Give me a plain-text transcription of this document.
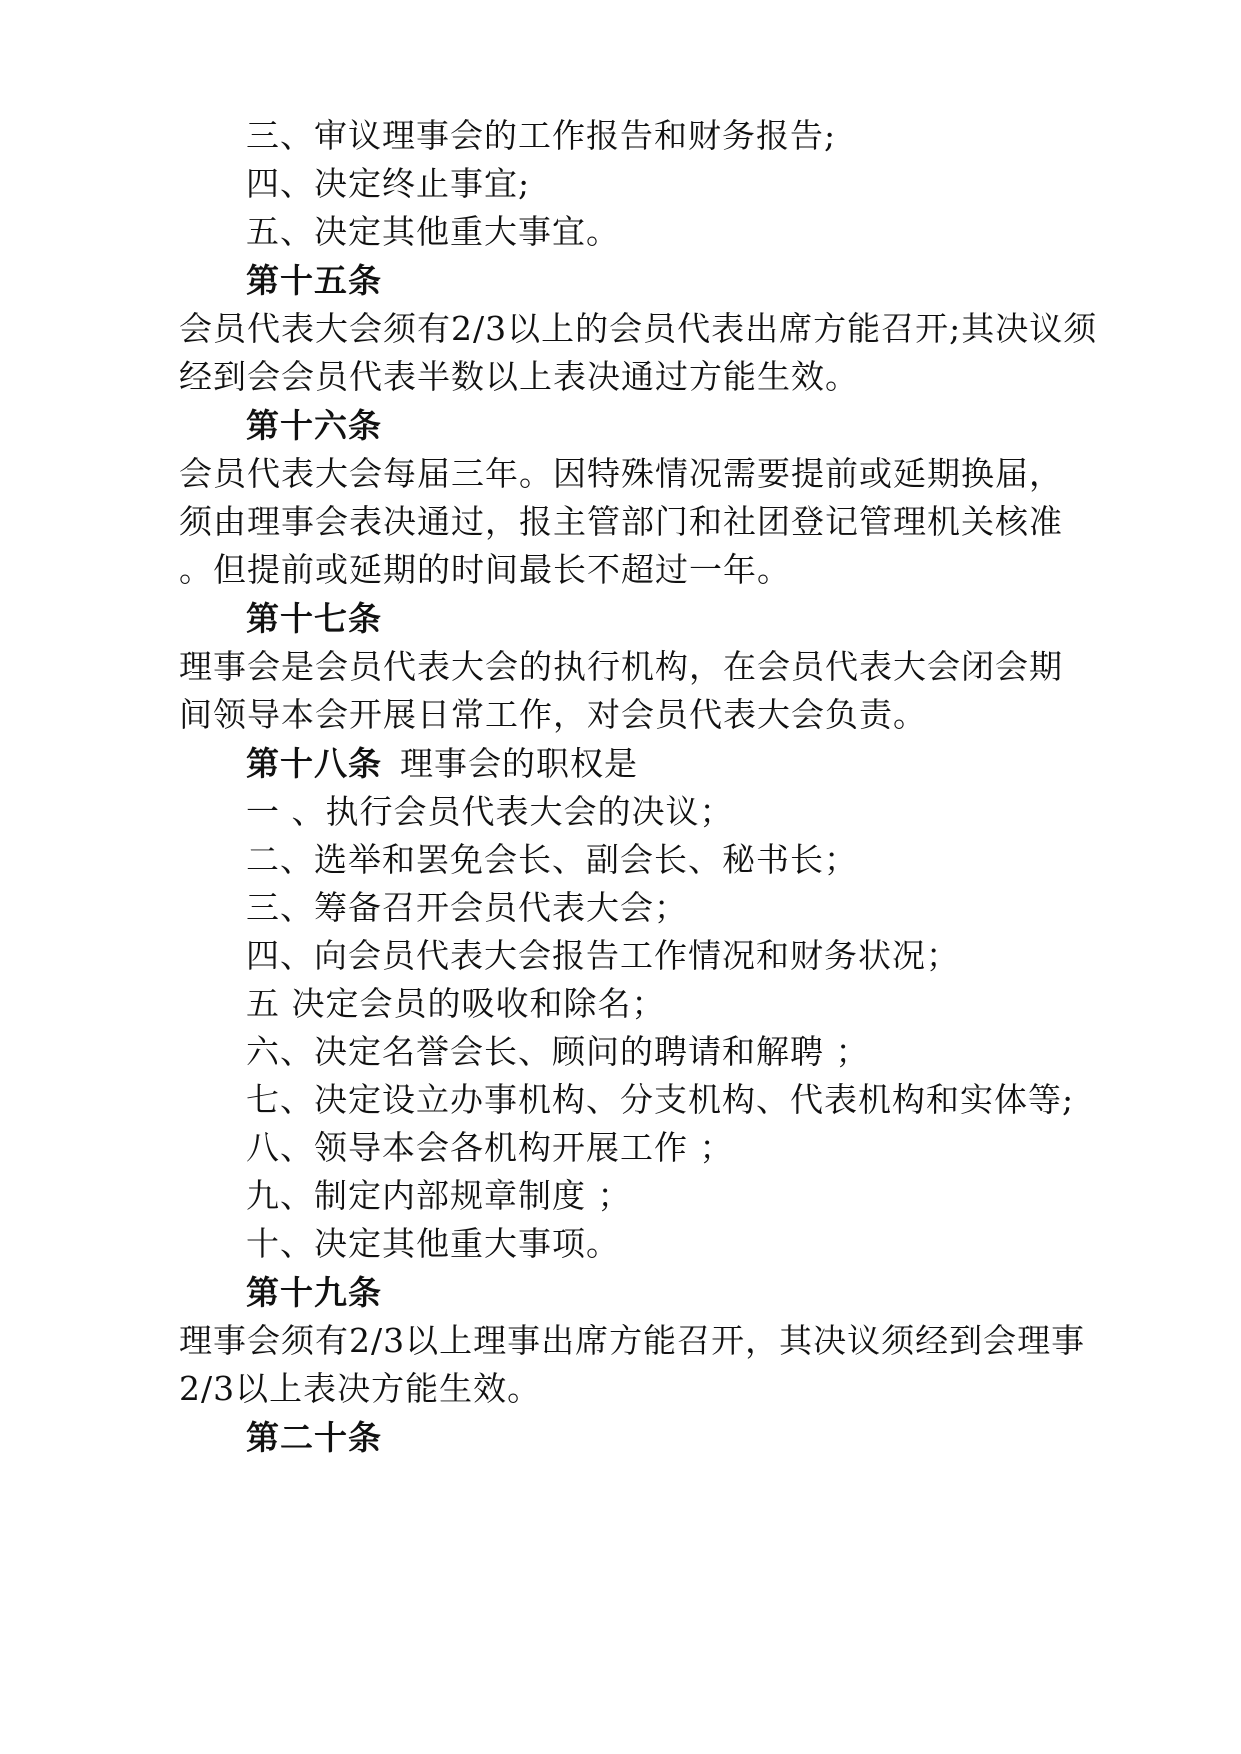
三、审议理事会的工作报告和财务报告;
四、决定终止事宜;
五、决定其他重大事宜。
第十五条
会员代表大会须有2/3以上的会员代表出席方能召开;其决议须
经到会会员代表半数以上表决通过方能生效。
第十六条
会员代表大会每届三年。因特殊情况需要提前或延期换届，
须由理事会表决通过，报主管部门和社团登记管理机关核准
。但提前或延期的时间最长不超过一年。
第十七条
理事会是会员代表大会的执行机构，在会员代表大会闭会期
间领导本会开展日常工作，对会员代表大会负责。
第十八条 理事会的职权是
一 、执行会员代表大会的决议；
二、选举和罢免会长、副会长、秘书长；
三、筹备召开会员代表大会；
四、向会员代表大会报告工作情况和财务状况；
五 决定会员的吸收和除名；
六、决定名誉会长、顾问的聘请和解聘 ；
七、决定设立办事机构、分支机构、代表机构和实体等;
八、领导本会各机构开展工作 ；
九、制定内部规章制度 ；
十、决定其他重大事项。
第十九条
理事会须有2/3以上理事出席方能召开，其决议须经到会理事
2/3以上表决方能生效。
第二十条
